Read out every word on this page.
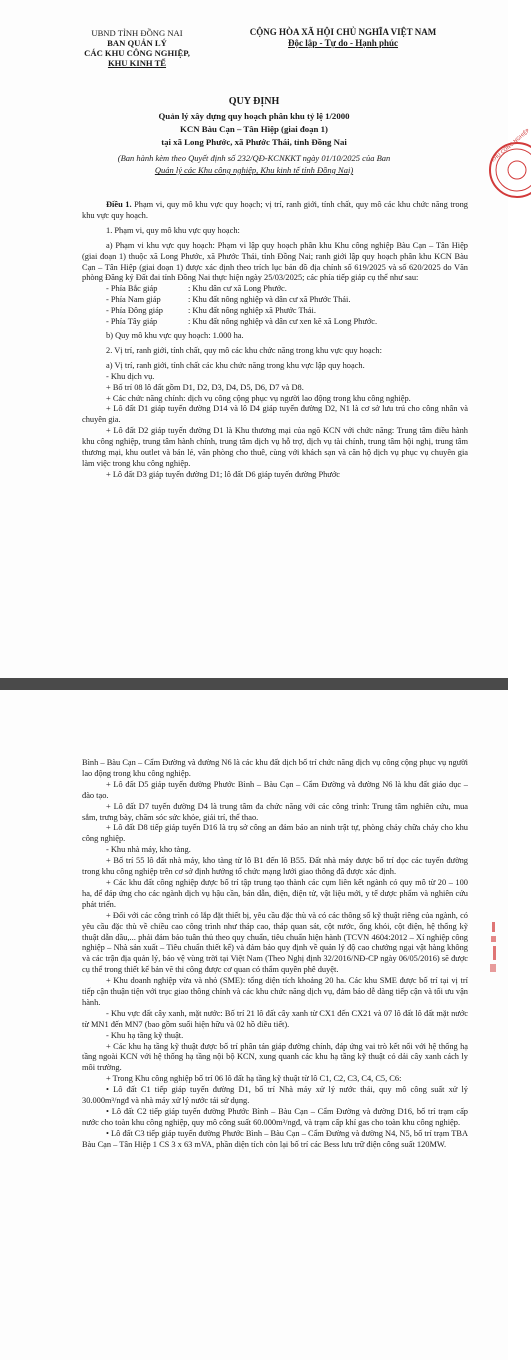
UBND TỈNH ĐỒNG NAI
BAN QUẢN LÝ
CÁC KHU CÔNG NGHIỆP,
KHU KINH TẾ
CỘNG HÒA XÃ HỘI CHỦ NGHĨA VIỆT NAM
Độc lập - Tự do - Hạnh phúc
QUY ĐỊNH
Quản lý xây dựng quy hoạch phân khu tỷ lệ 1/2000
KCN Bàu Cạn – Tân Hiệp (giai đoạn 1)
tại xã Long Phước, xã Phước Thái, tỉnh Đồng Nai
(Ban hành kèm theo Quyết định số 232/QĐ-KCNKKT ngày 01/10/2025 của Ban
Quản lý các Khu công nghiệp, Khu kinh tế tỉnh Đồng Nai)
KHU CÔNG NGHIỆP

Điều 1. Phạm vi, quy mô khu vực quy hoạch; vị trí, ranh giới, tính chất, quy mô các khu chức năng trong khu vực quy hoạch.

1. Phạm vi, quy mô khu vực quy hoạch:

a) Phạm vi khu vực quy hoạch: Phạm vi lập quy hoạch phân khu Khu công nghiệp Bàu Cạn – Tân Hiệp (giai đoạn 1) thuộc xã Long Phước, xã Phước Thái, tỉnh Đồng Nai; ranh giới lập quy hoạch phân khu KCN Bàu Cạn – Tân Hiệp (giai đoạn 1) được xác định theo trích lục bản đồ địa chính số 619/2025 và số 620/2025 do Văn phòng Đăng ký Đất đai tỉnh Đồng Nai thực hiện ngày 25/03/2025; các phía tiếp giáp cụ thể như sau:

- Phía Bắc giáp	: Khu dân cư xã Long Phước.
- Phía Nam giáp	: Khu đất nông nghiệp và dân cư xã Phước Thái.
- Phía Đông giáp	: Khu đất nông nghiệp xã Phước Thái.
- Phía Tây giáp	: Khu đất nông nghiệp và dân cư xen kẽ xã Long Phước.

b) Quy mô khu vực quy hoạch: 1.000 ha.

2. Vị trí, ranh giới, tính chất, quy mô các khu chức năng trong khu vực quy hoạch:

a) Vị trí, ranh giới, tính chất các khu chức năng trong khu vực lập quy hoạch.

- Khu dịch vụ.

+ Bố trí 08 lô đất gồm D1, D2, D3, D4, D5, D6, D7 và D8.

+ Các chức năng chính: dịch vụ công cộng phục vụ người lao động trong khu công nghiệp.

+ Lô đất D1 giáp tuyến đường D14 và lô D4 giáp tuyến đường D2, N1 là cơ sở lưu trú cho công nhân và chuyên gia.

+ Lô đất D2 giáp tuyến đường D1 là Khu thương mại của ngõ KCN với chức năng: Trung tâm điều hành khu công nghiệp, trung tâm hành chính, trung tâm dịch vụ hỗ trợ, dịch vụ tài chính, trung tâm hội nghị, trung tâm thương mại, khu outlet và bán lẻ, văn phòng cho thuê, cùng với khách sạn và căn hộ dịch vụ phục vụ chuyên gia làm việc trong khu công nghiệp.

+ Lô đất D3 giáp tuyến đường D1; lô đất D6 giáp tuyến đường Phước

Bình – Bàu Cạn – Cẩm Đường và đường N6 là các khu đất dịch bố trí chức năng dịch vụ công cộng phục vụ người lao động trong khu công nghiệp.

+ Lô đất D5 giáp tuyến đường Phước Bình – Bàu Cạn – Cẩm Đường và đường N6 là khu đất giáo dục – đào tạo.

+ Lô đất D7 tuyến đường D4 là trung tâm đa chức năng với các công trình: Trung tâm nghiên cứu, mua sắm, trưng bày, chăm sóc sức khỏe, giải trí, thể thao.

+ Lô đất D8 tiếp giáp tuyến D16 là trụ sở công an đảm bảo an ninh trật tự, phòng cháy chữa cháy cho khu công nghiệp.

- Khu nhà máy, kho tàng.

+ Bố trí 55 lô đất nhà máy, kho tàng từ lô B1 đến lô B55. Đất nhà máy được bố trí dọc các tuyến đường trong khu công nghiệp trên cơ sở định hướng tổ chức mạng lưới giao thông đã được xác định.

+ Các khu đất công nghiệp được bố trí tập trung tạo thành các cụm liên kết ngành có quy mô từ 20 – 100 ha, để đáp ứng cho các ngành dịch vụ hậu cần, bán dẫn, điện, điện tử, vật liệu mới, y tế dược phẩm và nghiên cứu phát triển.

+ Đối với các công trình có lắp đặt thiết bị, yêu cầu đặc thù và có các thông số kỹ thuật riêng của ngành, có yêu cầu đặc thù về chiều cao công trình như tháp cao, tháp quan sát, cột nước, ống khói, cột điện, hệ thống kỹ thuật dẫn dầu,... phải đảm bảo tuân thủ theo quy chuẩn, tiêu chuẩn hiện hành (TCVN 4604:2012 – Xí nghiệp công nghiệp – Nhà sản xuất – Tiêu chuẩn thiết kế) và đảm bảo quy định về quản lý độ cao chướng ngại vật hàng không và các trận địa quản lý, bảo vệ vùng trời tại Việt Nam (Theo Nghị định 32/2016/NĐ-CP ngày 06/05/2016) sẽ được cụ thể trong thiết kế bản vẽ thi công được cơ quan có thẩm quyền phê duyệt.

+ Khu doanh nghiệp vừa và nhỏ (SME): tổng diện tích khoảng 20 ha. Các khu SME được bố trí tại vị trí tiếp cận thuận tiện với trục giao thông chính và các khu chức năng dịch vụ, đảm bảo dễ dàng tiếp cận và tối ưu vận hành.

- Khu vực đất cây xanh, mặt nước: Bố trí 21 lô đất cây xanh từ CX1 đến CX21 và 07 lô đất lô đất mặt nước từ MN1 đến MN7 (bao gồm suối hiện hữu và 02 hồ điều tiết).

- Khu hạ tầng kỹ thuật.

+ Các khu hạ tầng kỹ thuật được bố trí phân tán giáp đường chính, đáp ứng vai trò kết nối với hệ thống hạ tầng ngoài KCN với hệ thống hạ tầng nội bộ KCN, xung quanh các khu hạ tầng kỹ thuật có dải cây xanh cách ly môi trường.

+ Trong Khu công nghiệp bố trí 06 lô đất hạ tầng kỹ thuật từ lô C1, C2, C3, C4, C5, C6:

• Lô đất C1 tiếp giáp tuyến đường D1, bố trí Nhà máy xử lý nước thải, quy mô công suất xử lý 30.000m³/ngđ và nhà máy xử lý nước tái sử dụng.

• Lô đất C2 tiếp giáp tuyến đường Phước Bình – Bàu Cạn – Cẩm Đường và đường D16, bố trí trạm cấp nước cho toàn khu công nghiệp, quy mô công suất 60.000m³/ngđ, và trạm cấp khí gas cho toàn khu công nghiệp.

• Lô đất C3 tiếp giáp tuyến đường Phước Bình – Bàu Cạn – Cẩm Đường và đường N4, N5, bố trí trạm TBA Bàu Cạn – Tân Hiệp 1 CS 3 x 63 mVA, phần diện tích còn lại bố trí các Bess lưu trữ điện công suất 120MW.
